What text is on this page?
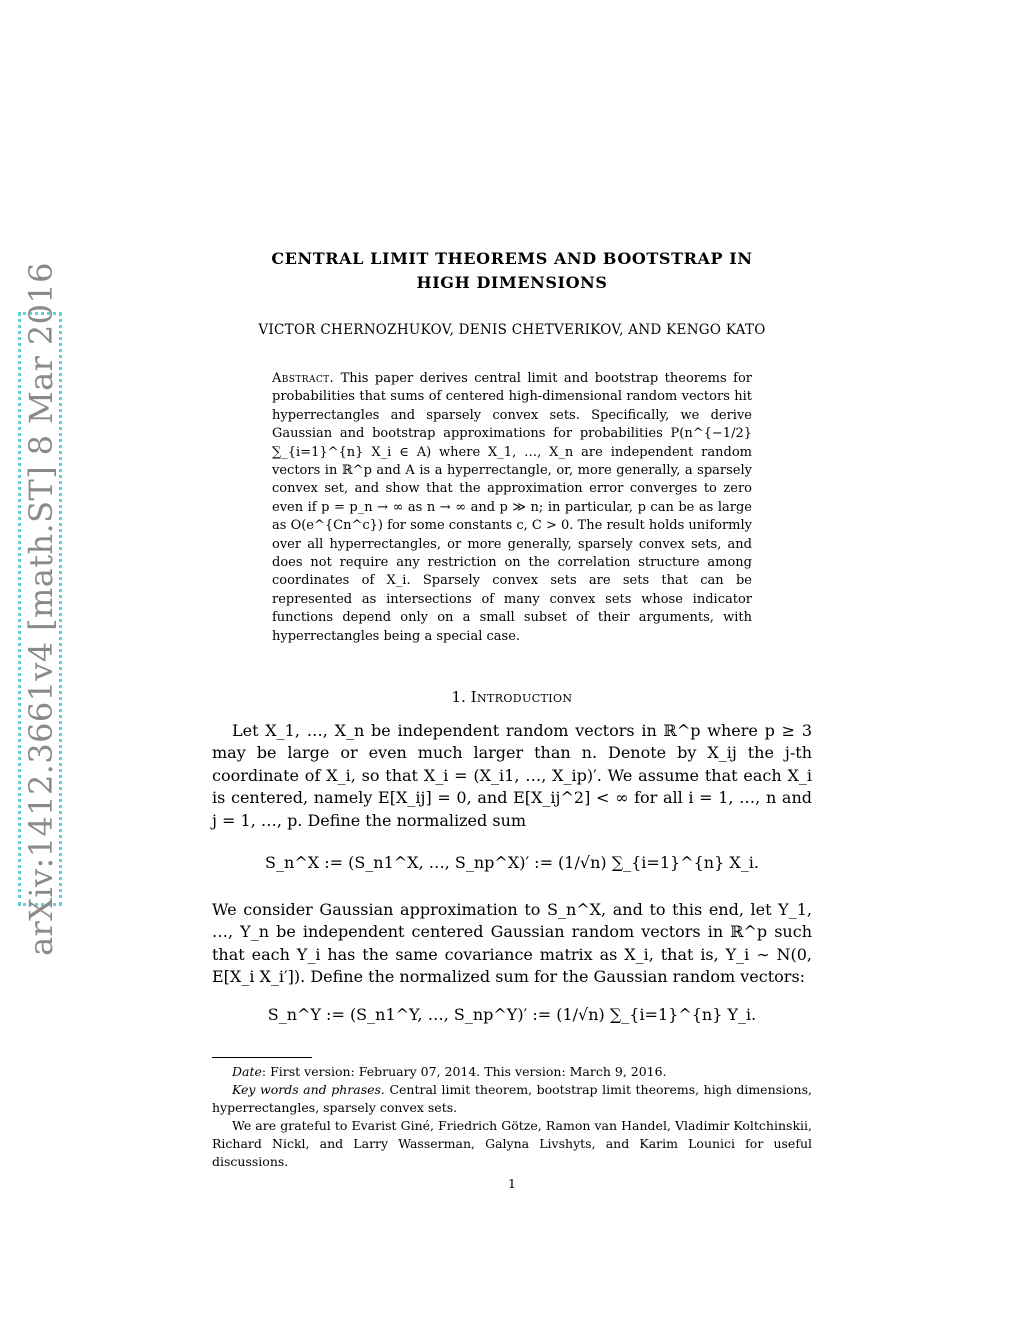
arXiv:1412.3661v4 [math.ST] 8 Mar 2016
CENTRAL LIMIT THEOREMS AND BOOTSTRAP IN
HIGH DIMENSIONS
VICTOR CHERNOZHUKOV, DENIS CHETVERIKOV, AND KENGO KATO
Abstract. This paper derives central limit and bootstrap theorems for probabilities that sums of centered high-dimensional random vectors hit hyperrectangles and sparsely convex sets. Specifically, we derive Gaussian and bootstrap approximations for probabilities P(n^{−1/2} ∑_{i=1}^{n} X_i ∈ A) where X_1, …, X_n are independent random vectors in ℝ^p and A is a hyperrectangle, or, more generally, a sparsely convex set, and show that the approximation error converges to zero even if p = p_n → ∞ as n → ∞ and p ≫ n; in particular, p can be as large as O(e^{Cn^c}) for some constants c, C > 0. The result holds uniformly over all hyperrectangles, or more generally, sparsely convex sets, and does not require any restriction on the correlation structure among coordinates of X_i. Sparsely convex sets are sets that can be represented as intersections of many convex sets whose indicator functions depend only on a small subset of their arguments, with hyperrectangles being a special case.
1. Introduction
Let X_1, …, X_n be independent random vectors in ℝ^p where p ≥ 3 may be large or even much larger than n. Denote by X_ij the j-th coordinate of X_i, so that X_i = (X_i1, …, X_ip)′. We assume that each X_i is centered, namely E[X_ij] = 0, and E[X_ij^2] < ∞ for all i = 1, …, n and j = 1, …, p. Define the normalized sum
S_n^X := (S_n1^X, …, S_np^X)′ := (1/√n) ∑_{i=1}^{n} X_i.
We consider Gaussian approximation to S_n^X, and to this end, let Y_1, …, Y_n be independent centered Gaussian random vectors in ℝ^p such that each Y_i has the same covariance matrix as X_i, that is, Y_i ∼ N(0, E[X_i X_i′]). Define the normalized sum for the Gaussian random vectors:
S_n^Y := (S_n1^Y, …, S_np^Y)′ := (1/√n) ∑_{i=1}^{n} Y_i.

Date: First version: February 07, 2014. This version: March 9, 2016.

Key words and phrases. Central limit theorem, bootstrap limit theorems, high dimensions, hyperrectangles, sparsely convex sets.

We are grateful to Evarist Giné, Friedrich Götze, Ramon van Handel, Vladimir Koltchinskii, Richard Nickl, and Larry Wasserman, Galyna Livshyts, and Karim Lounici for useful discussions.

1
